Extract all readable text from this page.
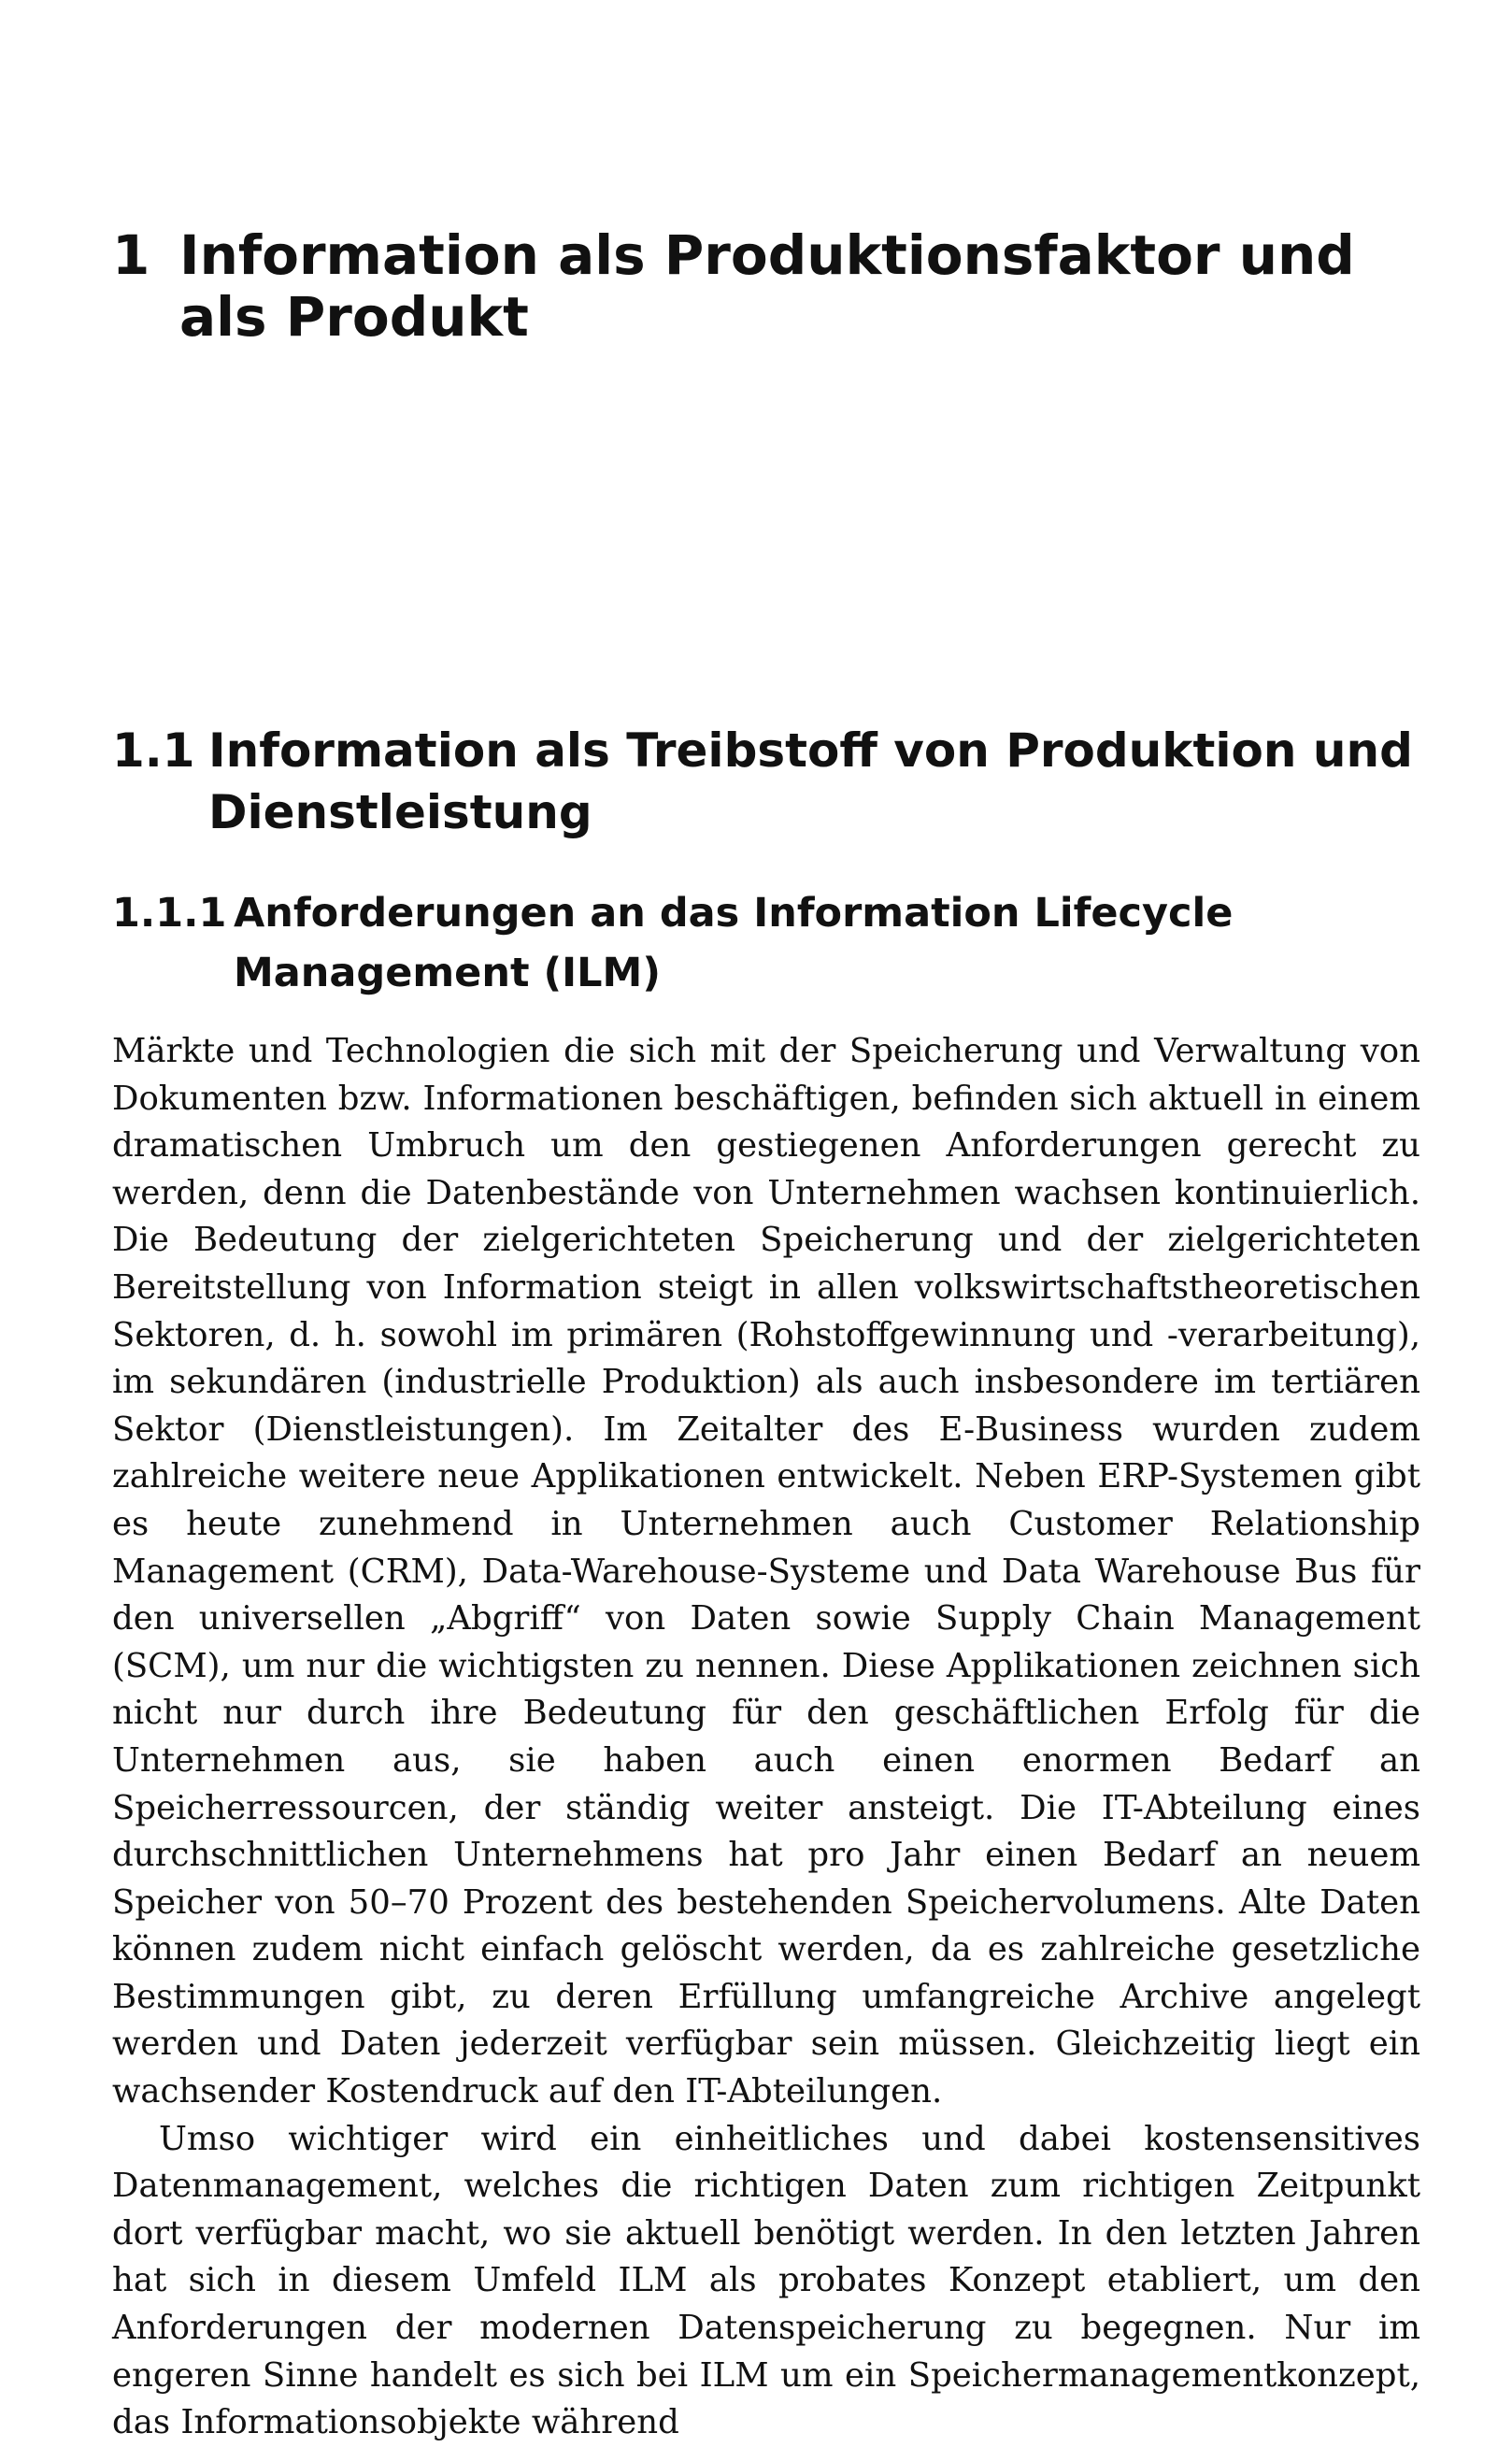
1 Information als Produktionsfaktor und als Produkt
1.1 Information als Treibstoff von Produktion und Dienstleistung
1.1.1 Anforderungen an das Information Lifecycle Management (ILM)

Märkte und Technologien die sich mit der Speicherung und Verwaltung von Dokumenten bzw. Informationen beschäftigen, befinden sich aktuell in einem dramatischen Umbruch um den gestiegenen Anforderungen gerecht zu werden, denn die Datenbestände von Unternehmen wachsen kontinuierlich. Die Bedeutung der zielgerichteten Speicherung und der zielgerichteten Bereitstellung von Information steigt in allen volkswirtschaftstheoretischen Sektoren, d. h. sowohl im primären (Rohstoffgewinnung und -verarbeitung), im sekundären (industrielle Produktion) als auch insbesondere im tertiären Sektor (Dienstleistungen). Im Zeitalter des E-Business wurden zudem zahlreiche weitere neue Applikationen entwickelt. Neben ERP-Systemen gibt es heute zunehmend in Unternehmen auch Customer Relationship Management (CRM), Data-Warehouse-Systeme und Data Warehouse Bus für den universellen „Abgriff“ von Daten sowie Supply Chain Management (SCM), um nur die wichtigsten zu nennen. Diese Applikationen zeichnen sich nicht nur durch ihre Bedeutung für den geschäftlichen Erfolg für die Unternehmen aus, sie haben auch einen enormen Bedarf an Speicherressourcen, der ständig weiter ansteigt. Die IT-Abteilung eines durchschnittlichen Unternehmens hat pro Jahr einen Bedarf an neuem Speicher von 50–70 Prozent des bestehenden Speichervolumens. Alte Daten können zudem nicht einfach gelöscht werden, da es zahlreiche gesetzliche Bestimmungen gibt, zu deren Erfüllung umfangreiche Archive angelegt werden und Daten jederzeit verfügbar sein müssen. Gleichzeitig liegt ein wachsender Kostendruck auf den IT-Abteilungen.

Umso wichtiger wird ein einheitliches und dabei kostensensitives Datenmanagement, welches die richtigen Daten zum richtigen Zeitpunkt dort verfügbar macht, wo sie aktuell benötigt werden. In den letzten Jahren hat sich in diesem Umfeld ILM als probates Konzept etabliert, um den Anforderungen der modernen Datenspeicherung zu begegnen. Nur im engeren Sinne handelt es sich bei ILM um ein Speichermanagementkonzept, das Informationsobjekte während
